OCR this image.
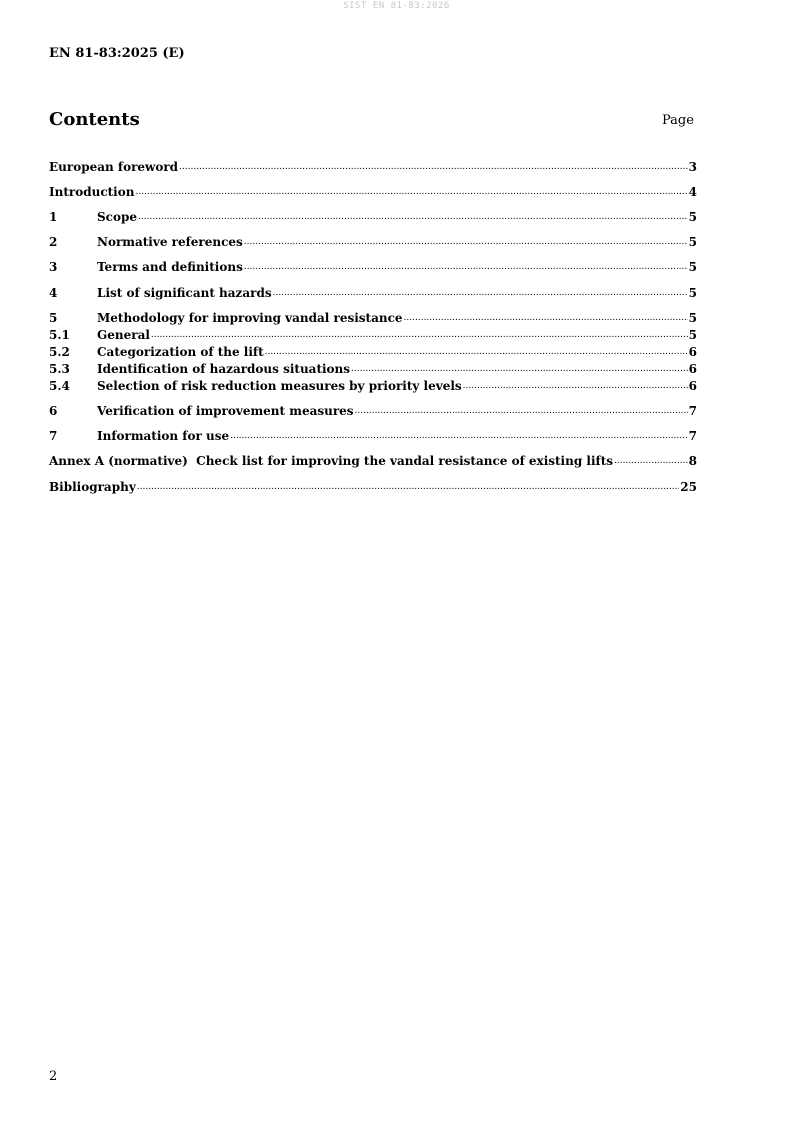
SIST EN 81-83:2026
EN 81-83:2025 (E)
Contents	Page
European foreword .....	3
Introduction .....	4
1	Scope .....	5
2	Normative references .....	5
3	Terms and definitions .....	5
4	List of significant hazards .....	5
5	Methodology for improving vandal resistance .....	5
5.1	General .....	5
5.2	Categorization of the lift .....	6
5.3	Identification of hazardous situations .....	6
5.4	Selection of risk reduction measures by priority levels .....	6
6	Verification of improvement measures .....	7
7	Information for use .....	7
Annex A (normative)  Check list for improving the vandal resistance of existing lifts .....	8
Bibliography .....	25
2
